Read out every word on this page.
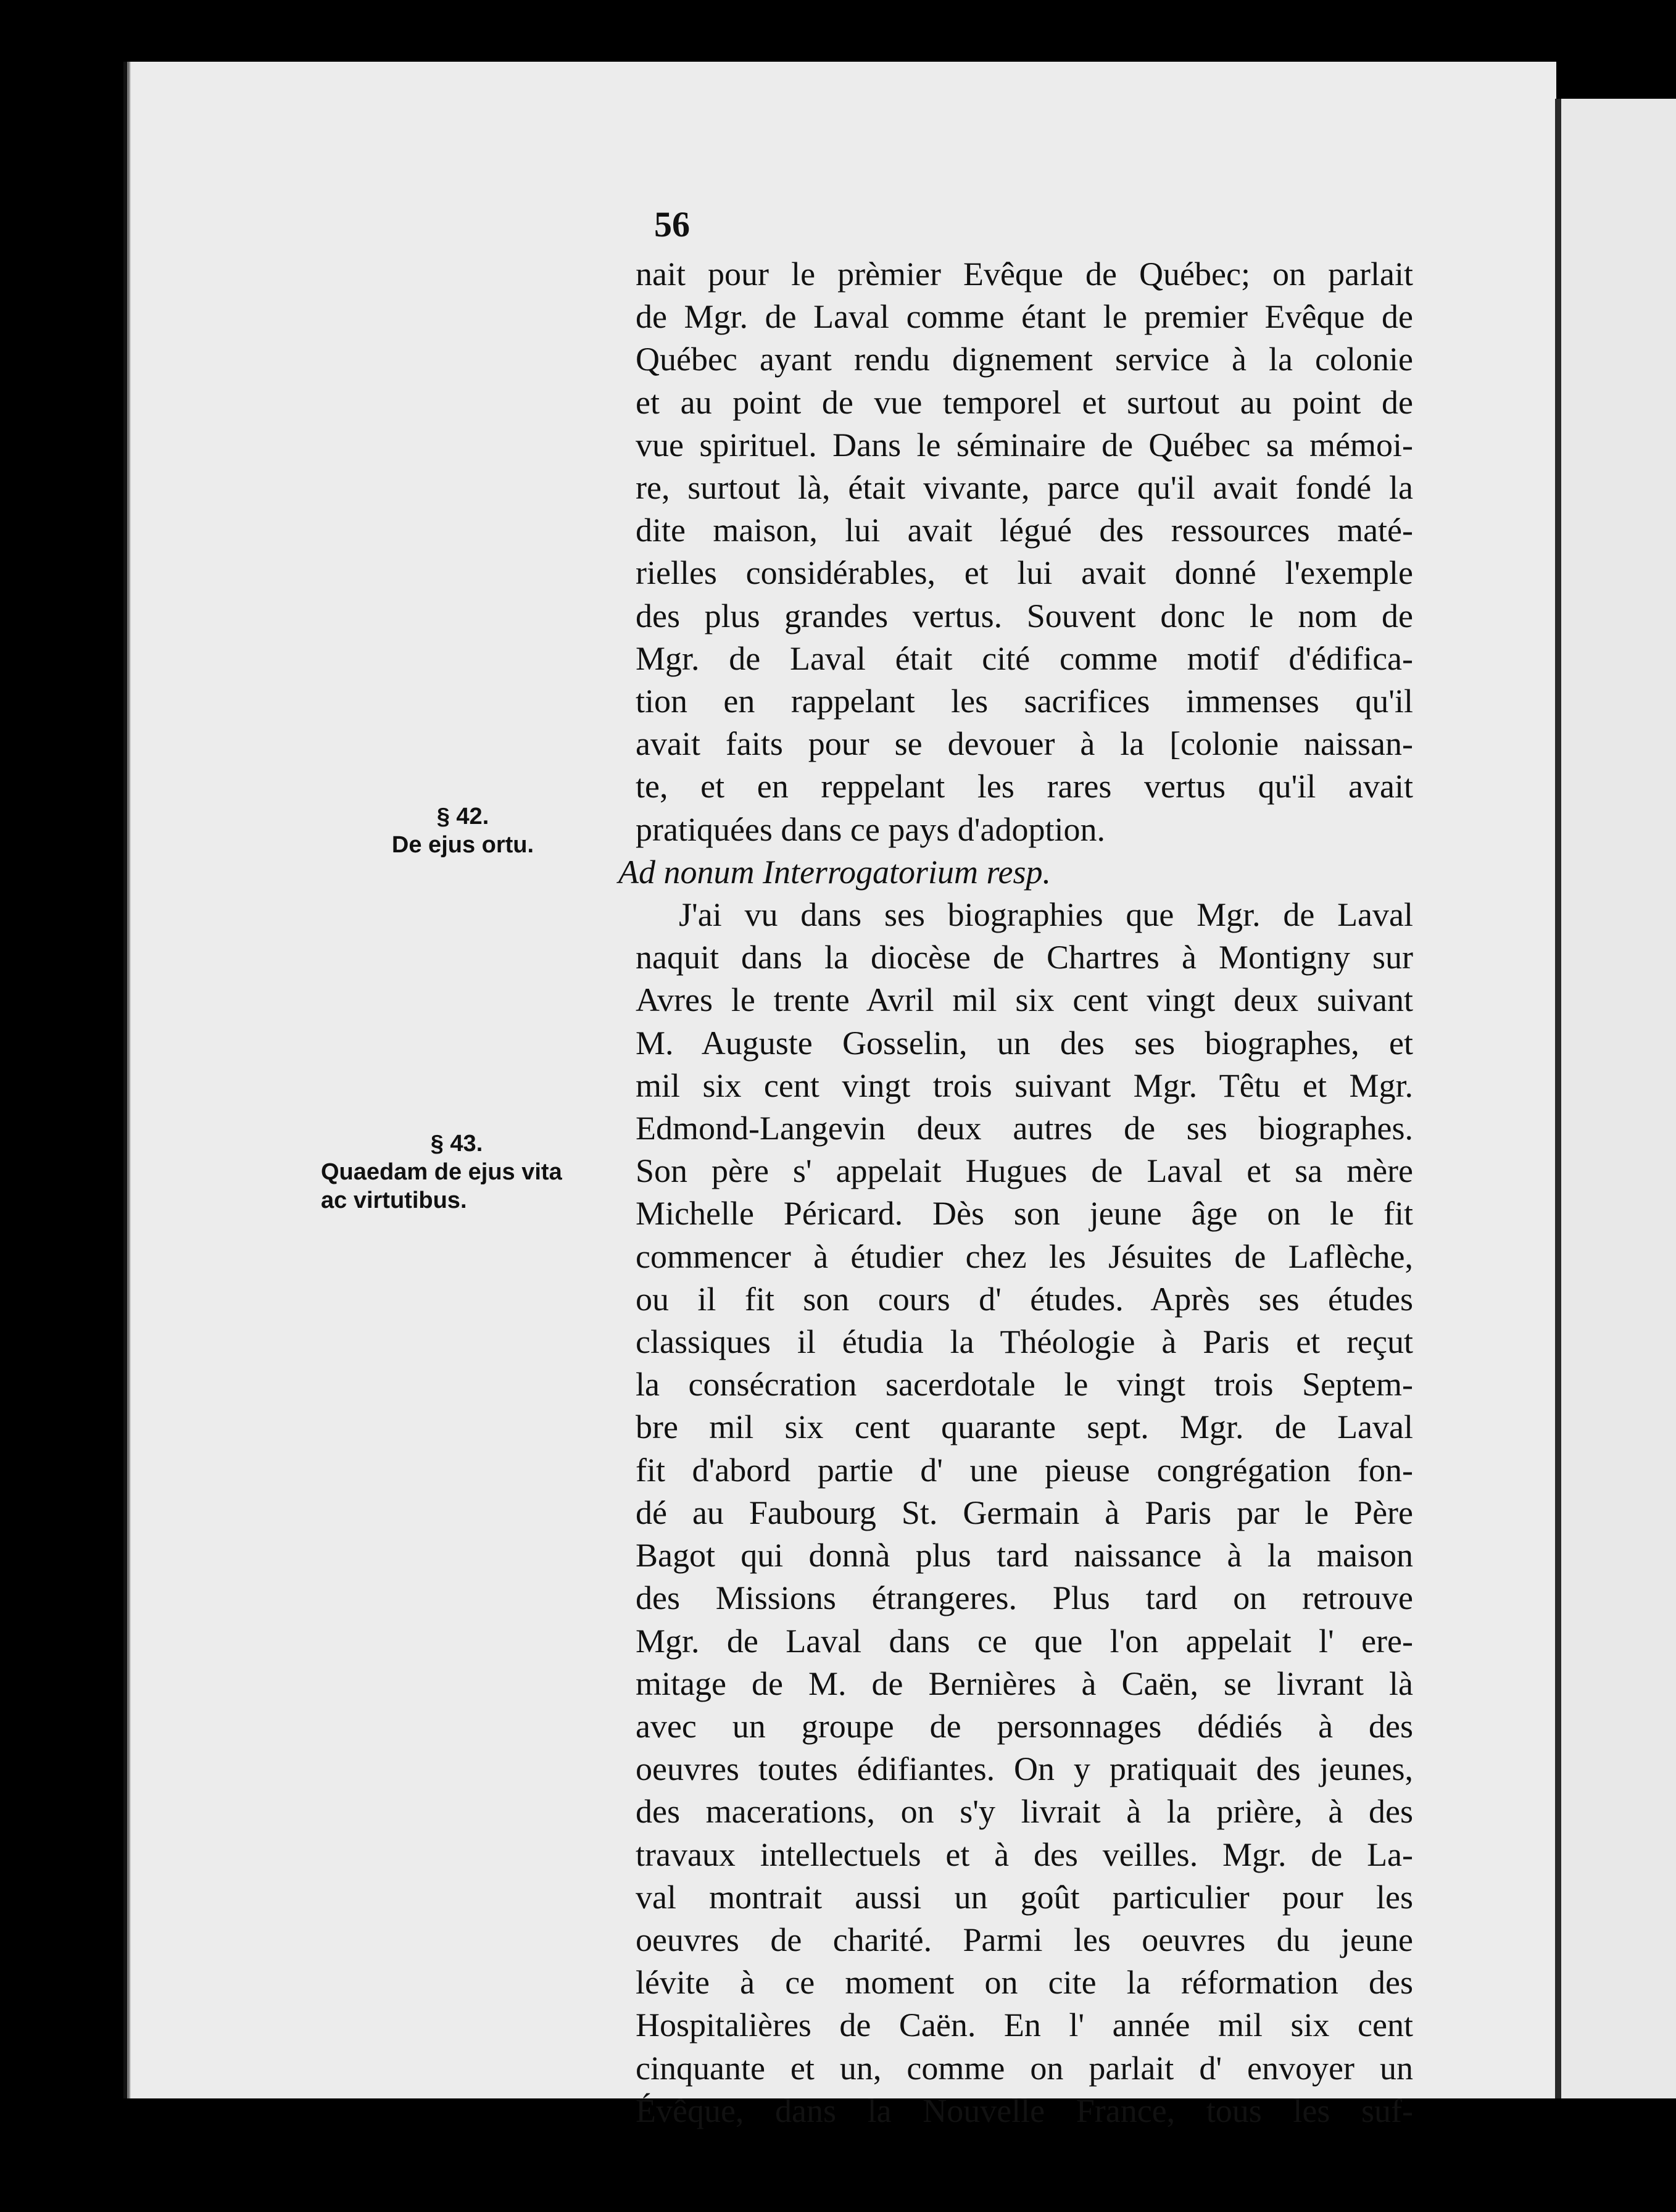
56
§ 42.
De ejus ortu.
§ 43.
Quaedam de ejus vita
ac virtutibus.
nait pour le prèmier Evêque de Québec; on parlait
de Mgr. de Laval comme étant le premier Evêque de
Québec ayant rendu dignement service à la colonie
et au point de vue temporel et surtout au point de
vue spirituel. Dans le séminaire de Québec sa mémoi-
re, surtout là, était vivante, parce qu'il avait fondé la
dite maison, lui avait légué des ressources maté-
rielles considérables, et lui avait donné l'exemple
des plus grandes vertus. Souvent donc le nom de
Mgr. de Laval était cité comme motif d'édifica-
tion en rappelant les sacrifices immenses qu'il
avait faits pour se devouer à la [colonie naissan-
te, et en reppelant les rares vertus qu'il avait
pratiquées dans ce pays d'adoption.
Ad nonum Interrogatorium resp.
J'ai vu dans ses biographies que Mgr. de Laval
naquit dans la diocèse de Chartres à Montigny sur
Avres le trente Avril mil six cent vingt deux suivant
M. Auguste Gosselin, un des ses biographes, et
mil six cent vingt trois suivant Mgr. Têtu et Mgr.
Edmond-Langevin deux autres de ses biographes.
Son père s' appelait Hugues de Laval et sa mère
Michelle Péricard. Dès son jeune âge on le fit
commencer à étudier chez les Jésuites de Laflèche,
ou il fit son cours d' études. Après ses études
classiques il étudia la Théologie à Paris et reçut
la consécration sacerdotale le vingt trois Septem-
bre mil six cent quarante sept. Mgr. de Laval
fit d'abord partie d' une pieuse congrégation fon-
dé au Faubourg St. Germain à Paris par le Père
Bagot qui donnà plus tard naissance à la maison
des Missions étrangeres. Plus tard on retrouve
Mgr. de Laval dans ce que l'on appelait l' ere-
mitage de M. de Bernières à Caën, se livrant là
avec un groupe de personnages dédiés à des
oeuvres toutes édifiantes. On y pratiquait des jeunes,
des macerations, on s'y livrait à la prière, à des
travaux intellectuels et à des veilles. Mgr. de La-
val montrait aussi un goût particulier pour les
oeuvres de charité. Parmi les oeuvres du jeune
lévite à ce moment on cite la réformation des
Hospitalières de Caën. En l' année mil six cent
cinquante et un, comme on parlait d' envoyer un
Évêque, dans la Nouvelle France, tous les suf-
